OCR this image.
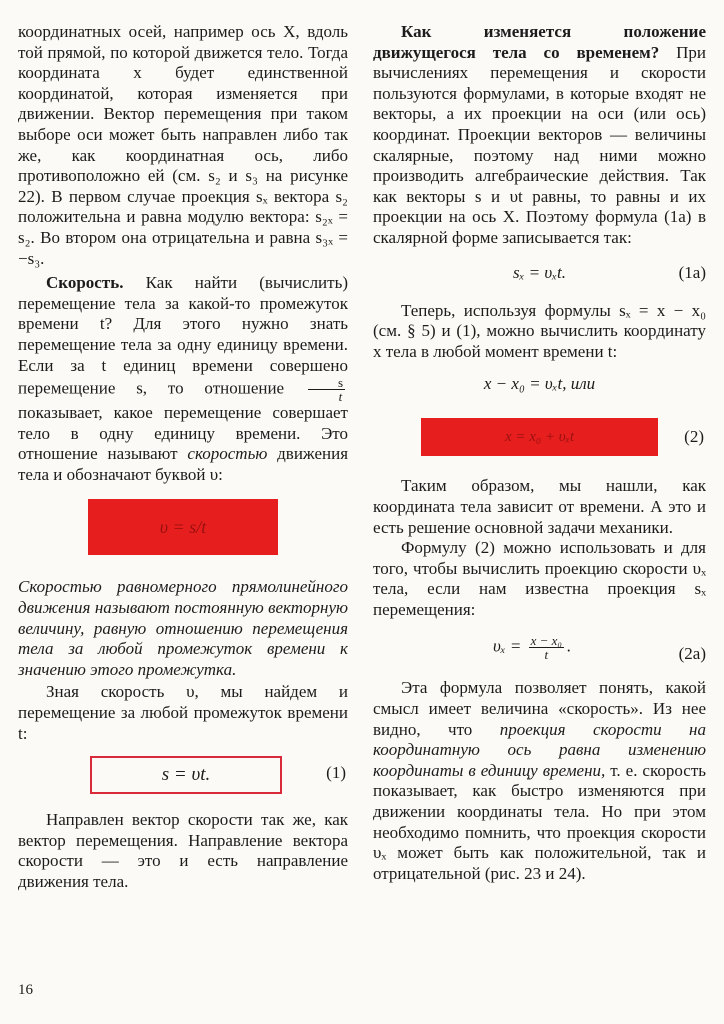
координатных осей, например ось X, вдоль той прямой, по которой движется тело. Тогда координата x будет единственной координатой, которая изменяется при движении. Вектор перемещения при таком выборе оси может быть направлен либо так же, как координатная ось, либо противоположно ей (см. s₂ и s₃ на рисунке 22). В первом случае проекция sₓ вектора s₂ положительна и равна модулю вектора: s₂ₓ = s₂. Во втором она отрицательна и равна s₃ₓ = −s₃.

Скорость. Как найти (вычислить) перемещение тела за какой-то промежуток времени t? Для этого нужно знать перемещение тела за одну единицу времени. Если за t единиц времени совершено перемещение s, то отношение $\frac{s}{t}$
показывает, какое перемещение совершает тело в одну единицу времени. Это отношение называют скоростью движения тела и обозначают буквой υ:

υ = s/t

Скоростью равномерного прямолинейного движения называют постоянную векторную величину, равную отношению перемещения тела за любой промежуток времени к значению этого промежутка.

Зная скорость υ, мы найдем и перемещение за любой промежуток времени t:

s = υt.	(1)

Направлен вектор скорости так же, как вектор перемещения. Направление вектора скорости — это и есть направление движения тела.

Как изменяется положение движущегося тела со временем? При вычислениях перемещения и скорости пользуются формулами, в которые входят не векторы, а их проекции на оси (или ось) координат. Проекции векторов — величины скалярные, поэтому над ними можно производить алгебраические действия. Так как векторы s и υt равны, то равны и их проекции на ось X. Поэтому формула (1а) в скалярной форме записывается так:

sₓ = υₓt.	(1a)

Теперь, используя формулы sₓ = x − x₀ (см. § 5) и (1), можно вычислить координату x тела в любой момент времени t:

x − x₀ = υₓt, или
x = x₀ + υₓt	(2)

Таким образом, мы нашли, как координата тела зависит от времени. А это и есть решение основной задачи механики.

Формулу (2) можно использовать и для того, чтобы вычислить проекцию скорости υₓ тела, если нам известна проекция sₓ перемещения:

$\upsilon_x = \frac{\text{x − x₀}}{t}$ .	(2a)

Эта формула позволяет понять, какой смысл имеет величина «скорость». Из нее видно, что проекция скорости на координатную ось равна изменению координаты в единицу времени, т. е. скорость показывает, как быстро изменяются при движении координаты тела. Но при этом необходимо помнить, что проекция скорости υₓ может быть как положительной, так и отрицательной (рис. 23 и 24).

16
